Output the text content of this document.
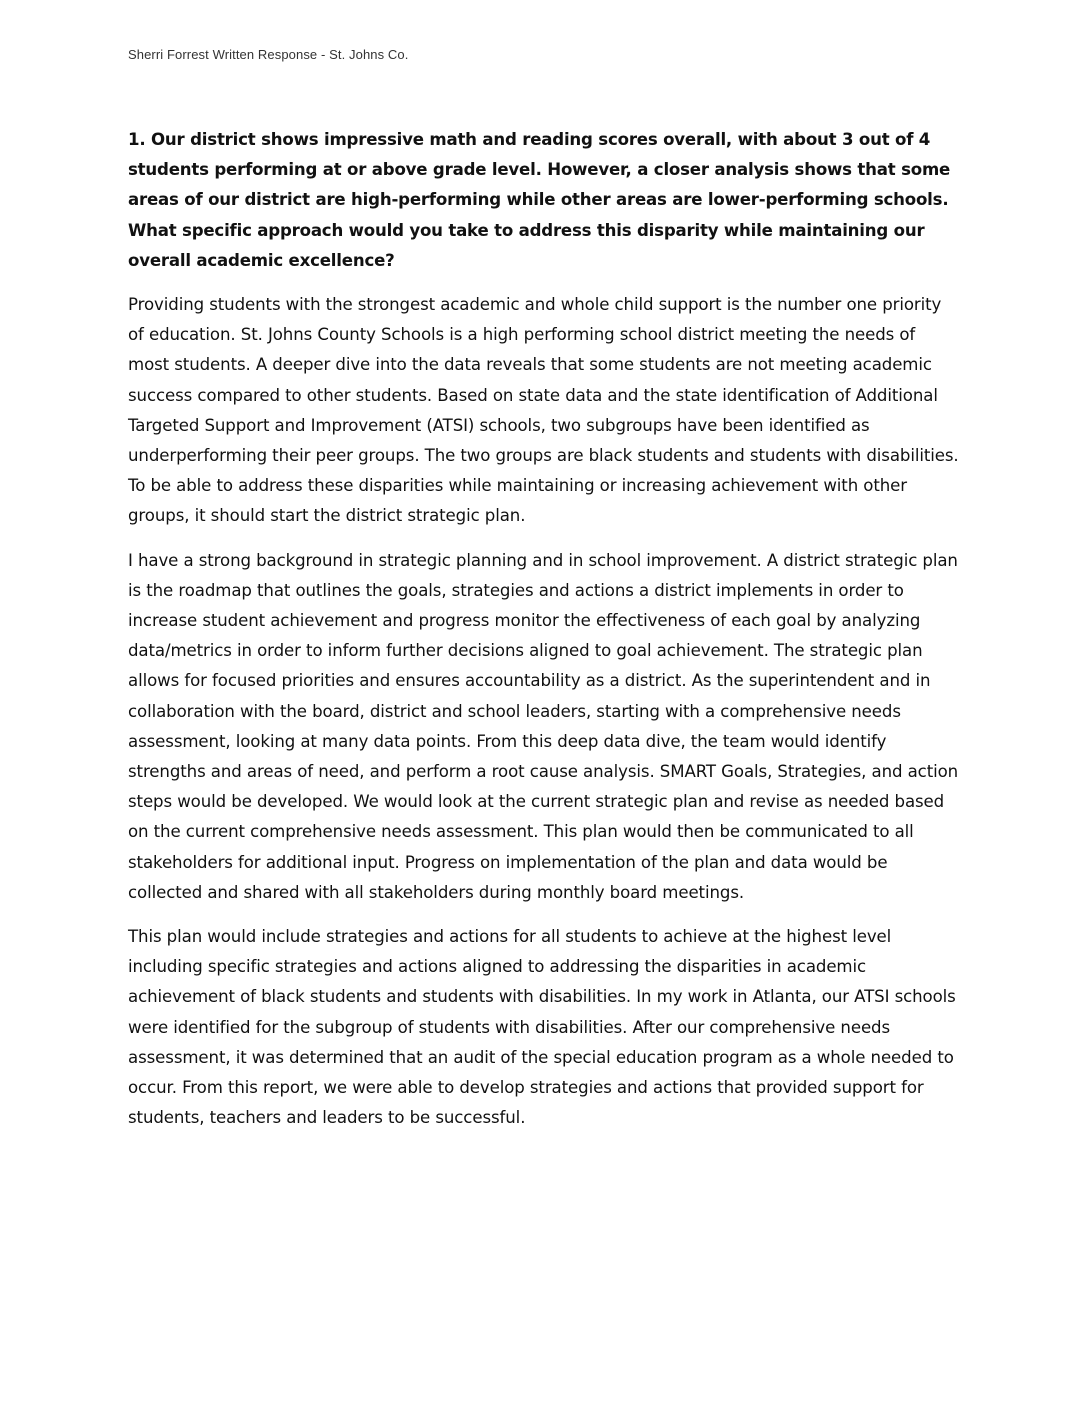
Sherri Forrest Written Response - St. Johns Co.

1. Our district shows impressive math and reading scores overall, with about 3 out of 4 students performing at or above grade level. However, a closer analysis shows that some areas of our district are high-performing while other areas are lower-performing schools. What specific approach would you take to address this disparity while maintaining our overall academic excellence?

Providing students with the strongest academic and whole child support is the number one priority of education. St. Johns County Schools is a high performing school district meeting the needs of most students. A deeper dive into the data reveals that some students are not meeting academic success compared to other students. Based on state data and the state identification of Additional Targeted Support and Improvement (ATSI) schools, two subgroups have been identified as underperforming their peer groups. The two groups are black students and students with disabilities. To be able to address these disparities while maintaining or increasing achievement with other groups, it should start the district strategic plan.

I have a strong background in strategic planning and in school improvement. A district strategic plan is the roadmap that outlines the goals, strategies and actions a district implements in order to increase student achievement and progress monitor the effectiveness of each goal by analyzing data/metrics in order to inform further decisions aligned to goal achievement. The strategic plan allows for focused priorities and ensures accountability as a district. As the superintendent and in collaboration with the board, district and school leaders, starting with a comprehensive needs assessment, looking at many data points. From this deep data dive, the team would identify strengths and areas of need, and perform a root cause analysis. SMART Goals, Strategies, and action steps would be developed. We would look at the current strategic plan and revise as needed based on the current comprehensive needs assessment. This plan would then be communicated to all stakeholders for additional input. Progress on implementation of the plan and data would be collected and shared with all stakeholders during monthly board meetings.

This plan would include strategies and actions for all students to achieve at the highest level including specific strategies and actions aligned to addressing the disparities in academic achievement of black students and students with disabilities. In my work in Atlanta, our ATSI schools were identified for the subgroup of students with disabilities. After our comprehensive needs assessment, it was determined that an audit of the special education program as a whole needed to occur. From this report, we were able to develop strategies and actions that provided support for students, teachers and leaders to be successful.
